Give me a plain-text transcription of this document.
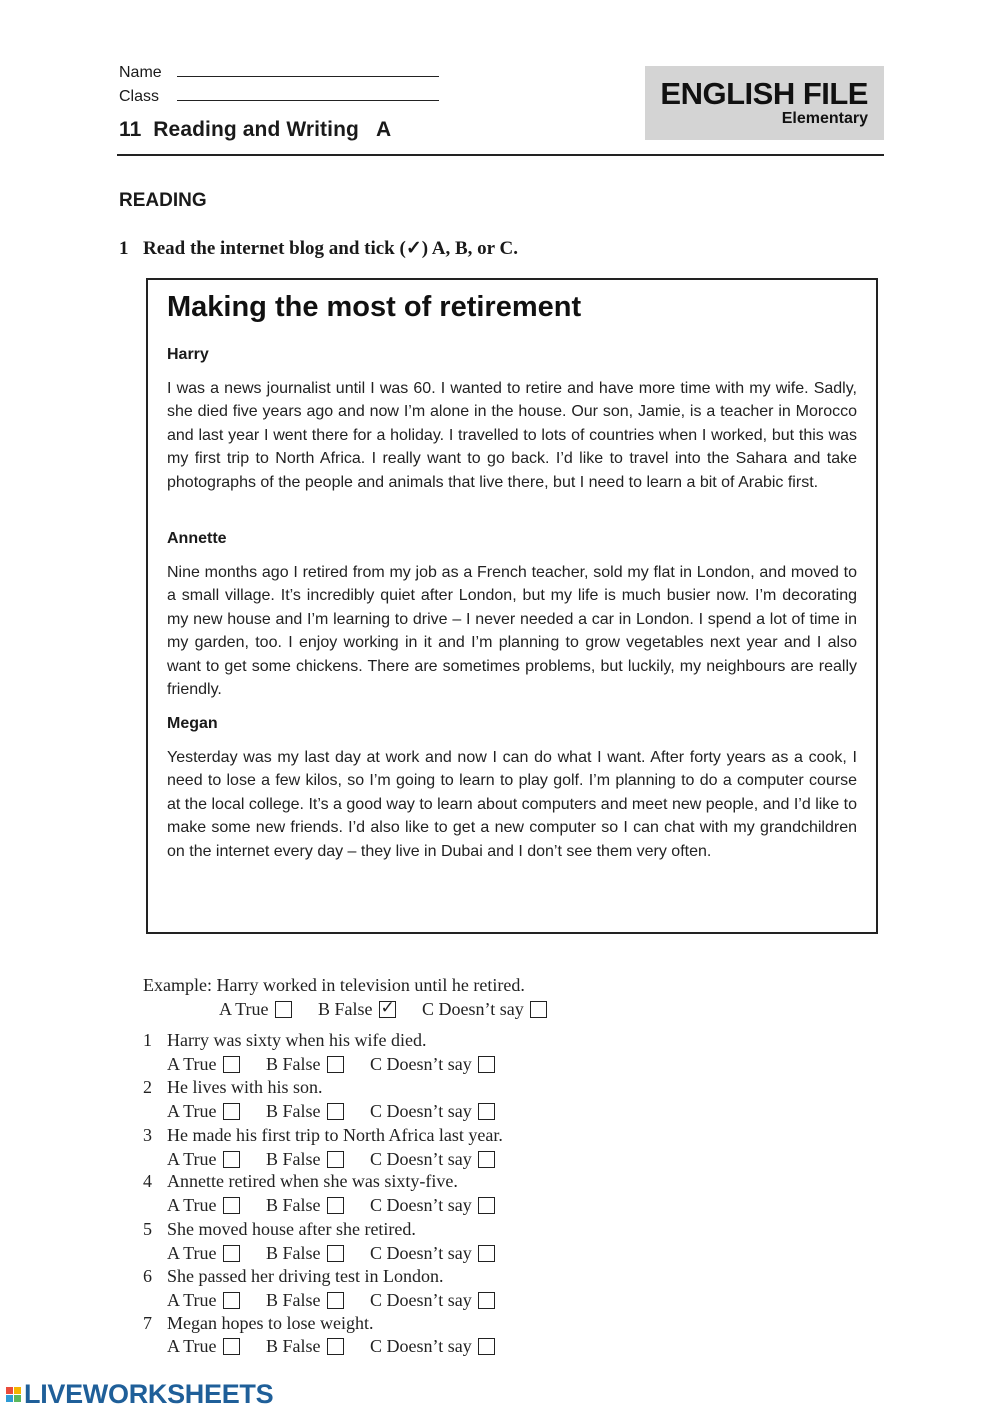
Name
Class
11  Reading and Writing   A
ENGLISH FILE
Elementary
READING
1 Read the internet blog and tick (✓) A, B, or C.
Making the most of retirement
Harry
I was a news journalist until I was 60. I wanted to retire and have more time with my wife. Sadly, she died five years ago and now I’m alone in the house. Our son, Jamie, is a teacher in Morocco and last year I went there for a holiday. I travelled to lots of countries when I worked, but this was my first trip to North Africa. I really want to go back. I’d like to travel into the Sahara and take photographs of the people and animals that live there, but I need to learn a bit of Arabic first.
Annette
Nine months ago I retired from my job as a French teacher, sold my flat in London, and moved to a small village. It’s incredibly quiet after London, but my life is much busier now. I’m decorating my new house and I’m learning to drive – I never needed a car in London. I spend a lot of time in my garden, too. I enjoy working in it and I’m planning to grow vegetables next year and I also want to get some chickens. There are sometimes problems, but luckily, my neighbours are really friendly.
Megan
Yesterday was my last day at work and now I can do what I want. After forty years as a cook, I need to lose a few kilos, so I’m going to learn to play golf. I’m planning to do a computer course at the local college. It’s a good way to learn about computers and meet new people, and I’d like to make some new friends. I’d also like to get a new computer so I can chat with my grandchildren on the internet every day – they live in Dubai and I don’t see them very often.
Example: Harry worked in television until he retired.
A True	B False ✓ C Doesn’t say
1 Harry was sixty when his wife died.
A True	B False	C Doesn’t say
2 He lives with his son.
A True	B False	C Doesn’t say
3 He made his first trip to North Africa last year.
A True	B False	C Doesn’t say
4 Annette retired when she was sixty-five.
A True	B False	C Doesn’t say
5 She moved house after she retired.
A True	B False	C Doesn’t say
6 She passed her driving test in London.
A True	B False	C Doesn’t say
7 Megan hopes to lose weight.
A True	B False	C Doesn’t say
LIVEWORKSHEETS
